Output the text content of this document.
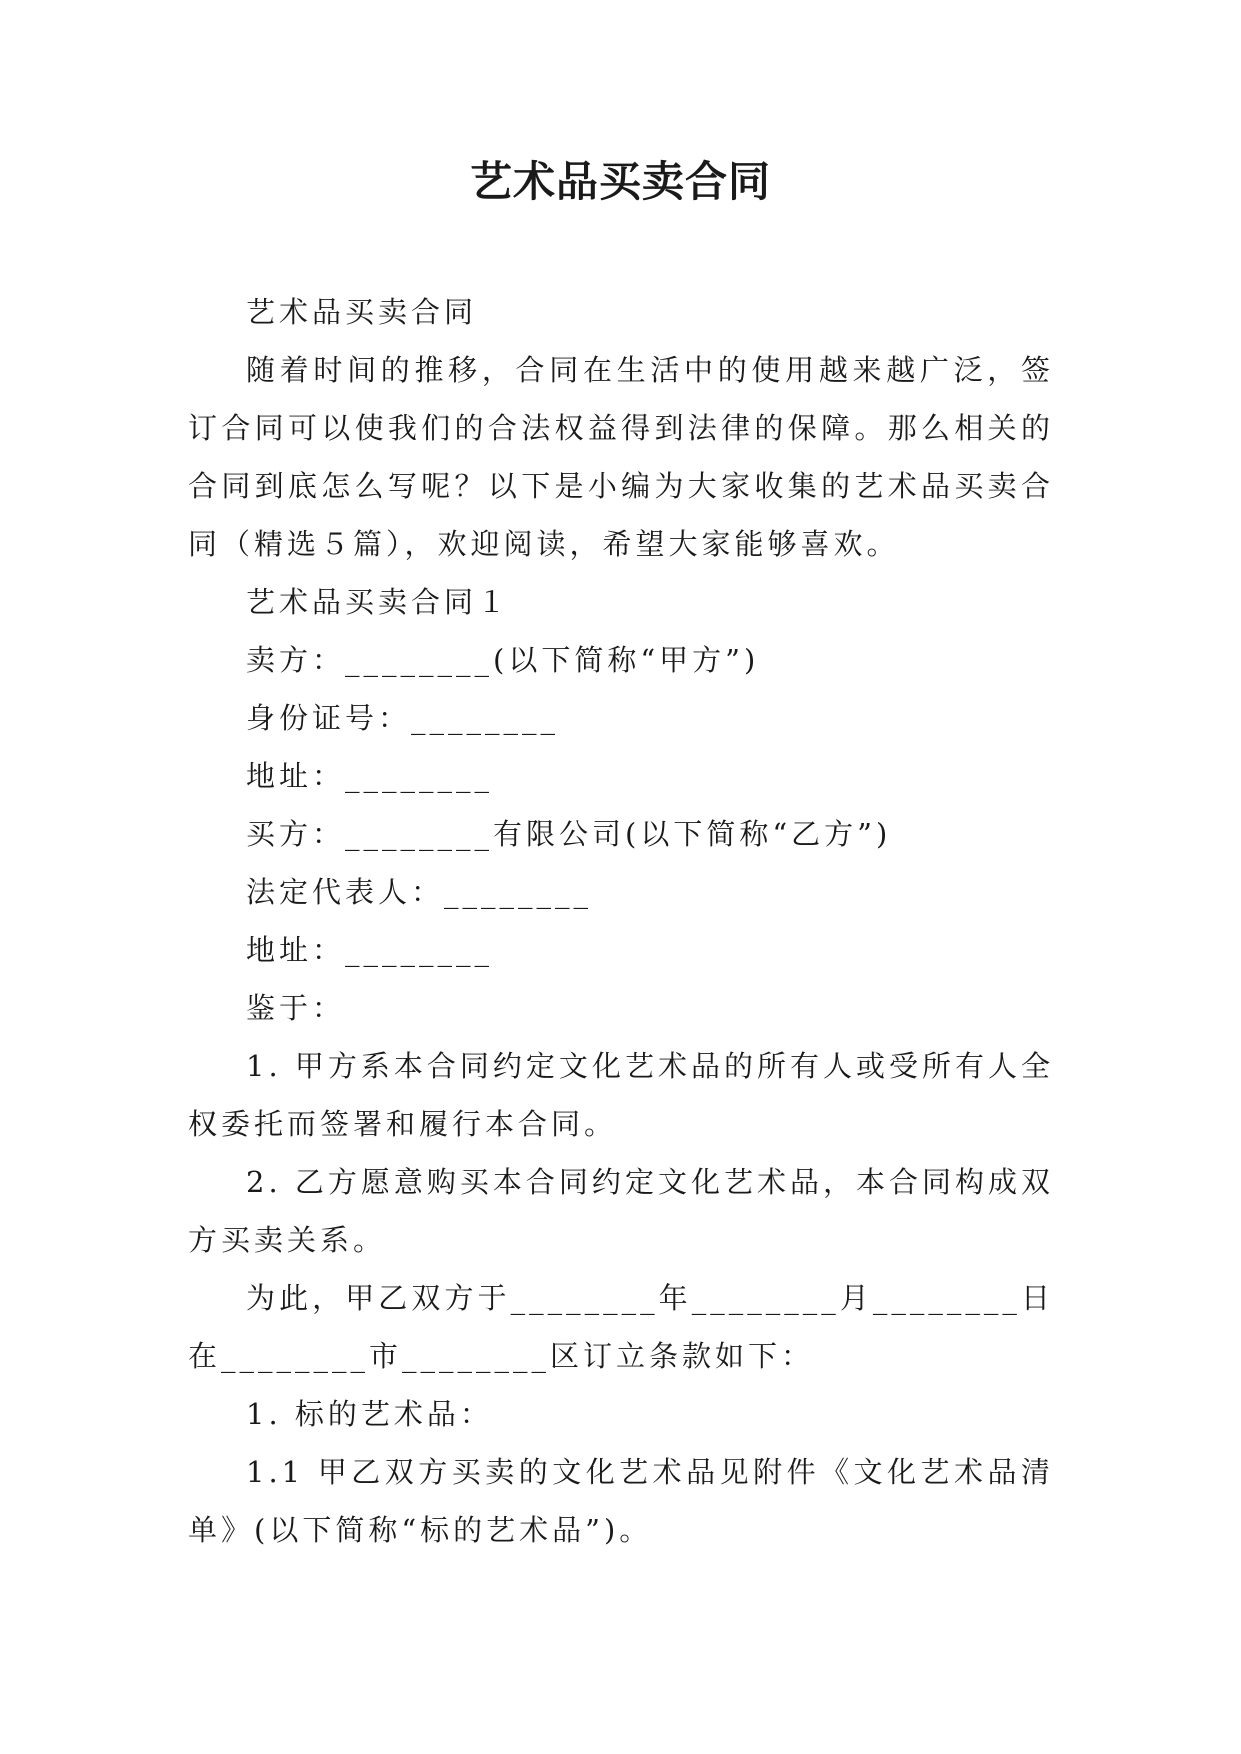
艺术品买卖合同

艺术品买卖合同

随着时间的推移，合同在生活中的使用越来越广泛，签订合同可以使我们的合法权益得到法律的保障。那么相关的合同到底怎么写呢？以下是小编为大家收集的艺术品买卖合同（精选５篇），欢迎阅读，希望大家能够喜欢。

艺术品买卖合同１

卖方：________(以下简称“甲方”)

身份证号：________

地址：________

买方：________有限公司(以下简称“乙方”)

法定代表人：________

地址：________

鉴于：

1. 甲方系本合同约定文化艺术品的所有人或受所有人全权委托而签署和履行本合同。

2. 乙方愿意购买本合同约定文化艺术品，本合同构成双方买卖关系。

为此，甲乙双方于________年________月________日在________市________区订立条款如下：

1. 标的艺术品：

1.1 甲乙双方买卖的文化艺术品见附件《文化艺术品清单》(以下简称“标的艺术品”)。
